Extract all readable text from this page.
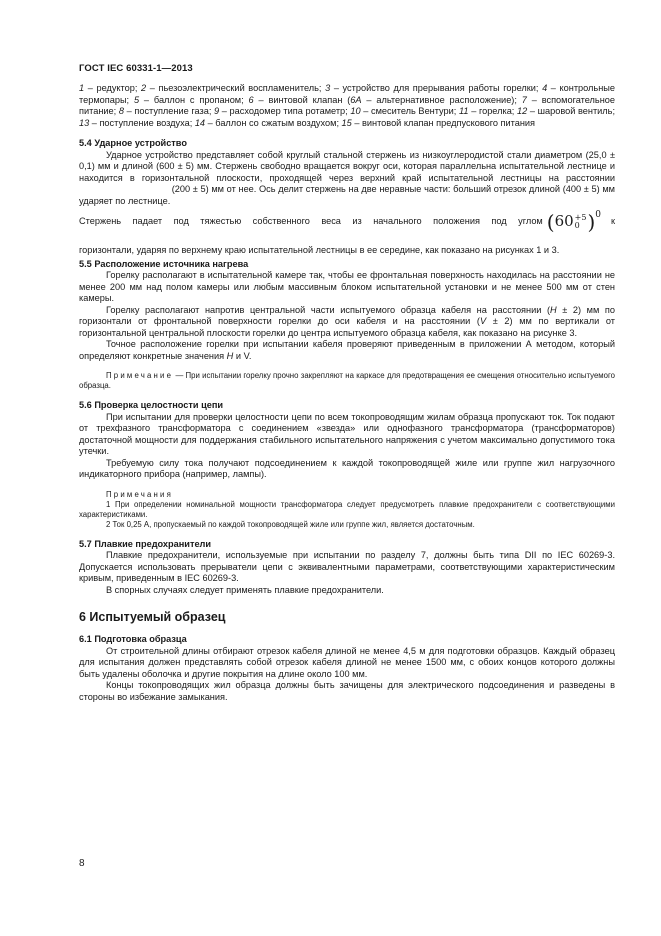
ГОСТ IEC 60331-1—2013

1 – редуктор; 2 – пьезоэлектрический воспламенитель; 3 – устройство для прерывания работы горелки; 4 – контрольные термопары; 5 – баллон с пропаном; 6 – винтовой клапан (6А – альтернативное расположение); 7 – вспомогательное питание; 8 – поступление газа; 9 – расходомер типа ротаметр; 10 – смеситель Вентури; 11 – горелка; 12 – шаровой вентиль; 13 – поступление воздуха; 14 – баллон со сжатым воздухом; 15 – винтовой клапан предпускового питания

5.4 Ударное устройство

Ударное устройство представляет собой круглый стальной стержень из низкоуглеродистой стали диаметром (25,0 ± 0,1) мм и длиной (600 ± 5) мм. Стержень свободно вращается вокруг оси, которая параллельна испытательной лестнице и находится в горизонтальной плоскости, проходящей через верхний край испытательной лестницы на расстоянии  (200 ± 5) мм от нее. Ось делит стержень на две неравные части: больший отрезок длиной (400 ± 5) мм ударяет по лестнице.

Стержень падает под тяжестью собственного веса из начального положения под углом ( 60 +5
0 ) 0
к

горизонтали, ударяя по верхнему краю испытательной лестницы в ее середине, как показано на рисунках 1 и 3.

5.5 Расположение источника нагрева

Горелку располагают в испытательной камере так, чтобы ее фронтальная поверхность находилась на расстоянии не менее 200 мм над полом камеры или любым массивным блоком испытательной установки и не менее 500 мм от стен камеры.

Горелку располагают напротив центральной части испытуемого образца кабеля на расстоянии (H ± 2) мм по горизонтали от фронтальной поверхности горелки до оси кабеля и на расстоянии (V ± 2) мм по вертикали от горизонтальной центральной плоскости горелки до центра испытуемого образца кабеля, как показано на рисунке 3.

Точное расположение горелки при испытании кабеля проверяют приведенным в приложении А методом, который определяют конкретные значения H и V.

Примечание — При испытании горелку прочно закрепляют на каркасе для предотвращения ее смещения относительно испытуемого образца.

5.6 Проверка целостности цепи

При испытании для проверки целостности цепи по всем токопроводящим жилам образца пропускают ток. Ток подают от трехфазного трансформатора с соединением «звезда» или однофазного трансформатора (трансформаторов) достаточной мощности для поддержания стабильного испытательного напряжения с учетом максимально допустимого тока утечки.

Требуемую силу тока получают подсоединением к каждой токопроводящей жиле или группе жил нагрузочного индикаторного прибора (например, лампы).

Примечания

1 При определении номинальной мощности трансформатора следует предусмотреть плавкие предохранители с соответствующими характеристиками.

2 Ток 0,25 А, пропускаемый по каждой токопроводящей жиле или группе жил, является достаточным.

5.7 Плавкие предохранители

Плавкие предохранители, используемые при испытании по разделу 7, должны быть типа DII по IEC 60269-3. Допускается использовать прерыватели цепи с эквивалентными параметрами, соответствующими характеристическим кривым, приведенным в IEC 60269-3.

В спорных случаях следует применять плавкие предохранители.

6 Испытуемый образец

6.1 Подготовка образца

От строительной длины отбирают отрезок кабеля длиной не менее 4,5 м для подготовки образцов. Каждый образец для испытания должен представлять собой отрезок кабеля длиной не менее 1500 мм, с обоих концов которого должны быть удалены оболочка и другие покрытия на длине около 100 мм.

Концы токопроводящих жил образца должны быть зачищены для электрического подсоединения и разведены в стороны во избежание замыкания.

8
